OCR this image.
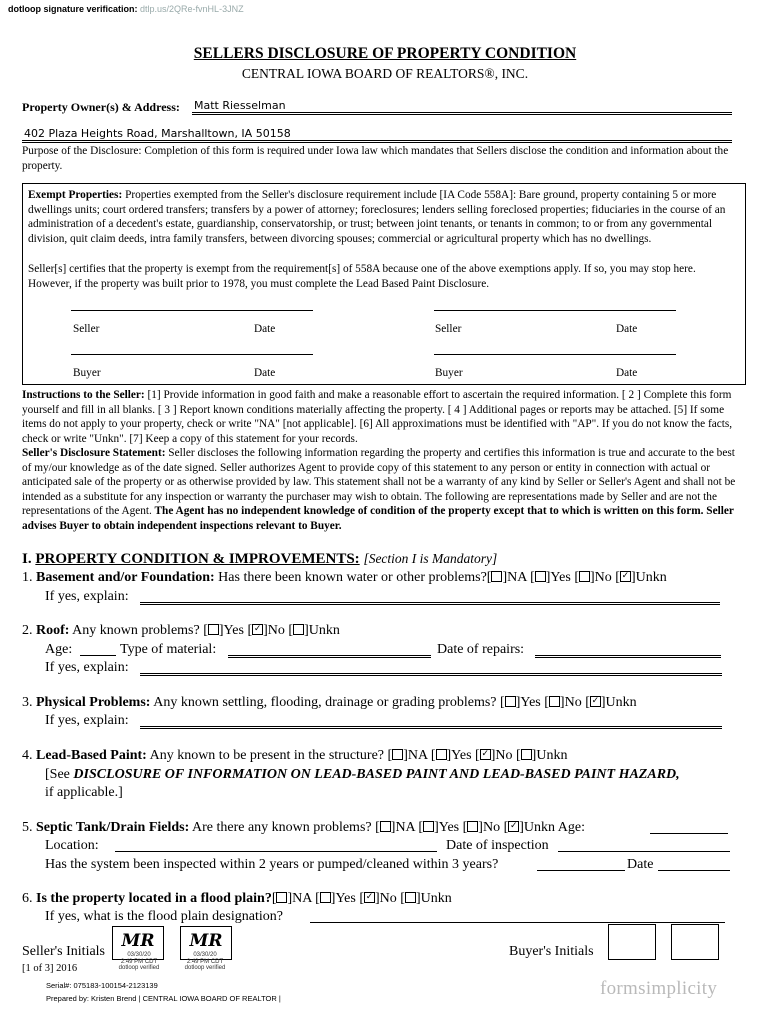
dotloop signature verification: dtlp.us/2QRe-fvnHL-3JNZ
SELLERS DISCLOSURE OF PROPERTY CONDITION
CENTRAL IOWA BOARD OF REALTORS®, INC.
Property Owner(s) & Address: Matt Riesselman
402 Plaza Heights Road, Marshalltown, IA 50158
Purpose of the Disclosure: Completion of this form is required under Iowa law which mandates that Sellers disclose the condition and information about the property.
Exempt Properties: Properties exempted from the Seller's disclosure requirement include [IA Code 558A]: Bare ground, property containing 5 or more dwellings units; court ordered transfers; transfers by a power of attorney; foreclosures; lenders selling foreclosed properties; fiduciaries in the course of an administration of a decedent's estate, guardianship, conservatorship, or trust; between joint tenants, or tenants in common; to or from any governmental division, quit claim deeds, intra family transfers, between divorcing spouses; commercial or agricultural property which has no dwellings.
Seller[s] certifies that the property is exempt from the requirement[s] of 558A because one of the above exemptions apply. If so, you may stop here. However, if the property was built prior to 1978, you must complete the Lead Based Paint Disclosure.
Seller	Date	Seller	Date
Buyer	Date	Buyer	Date
Instructions to the Seller: [1] Provide information in good faith and make a reasonable effort to ascertain the required information. [ 2 ] Complete this form yourself and fill in all blanks. [ 3 ] Report known conditions materially affecting the property. [ 4 ] Additional pages or reports may be attached. [5] If some items do not apply to your property, check or write "NA" [not applicable]. [6] All approximations must be identified with "AP". If you do not know the facts, check or write "Unkn". [7] Keep a copy of this statement for your records.
Seller's Disclosure Statement: Seller discloses the following information regarding the property and certifies this information is true and accurate to the best of my/our knowledge as of the date signed. Seller authorizes Agent to provide copy of this statement to any person or entity in connection with actual or anticipated sale of the property or as otherwise provided by law. This statement shall not be a warranty of any kind by Seller or Seller's Agent and shall not be intended as a substitute for any inspection or warranty the purchaser may wish to obtain. The following are representations made by Seller and are not the representations of the Agent. The Agent has no independent knowledge of condition of the property except that to which is written on this form. Seller advises Buyer to obtain independent inspections relevant to Buyer.
I. PROPERTY CONDITION & IMPROVEMENTS: [Section I is Mandatory]
1. Basement and/or Foundation: Has there been known water or other problems?[ ]NA [ ]Yes [ ]No [ ✓ ]Unkn
If yes, explain:
2. Roof: Any known problems? [ ]Yes [ ✓ ]No [ ]Unkn
Age:	Type of material:	Date of repairs:
If yes, explain:
3. Physical Problems: Any known settling, flooding, drainage or grading problems? [ ]Yes [ ]No [ ✓ ]Unkn
If yes, explain:
4. Lead-Based Paint: Any known to be present in the structure? [ ]NA [ ]Yes [ ✓ ]No [ ]Unkn
[See DISCLOSURE OF INFORMATION ON LEAD-BASED PAINT AND LEAD-BASED PAINT HAZARD,
if applicable.]
5. Septic Tank/Drain Fields: Are there any known problems? [ ]NA [ ]Yes [ ]No [ ✓ ]Unkn Age:
Location:	Date of inspection
Has the system been inspected within 2 years or pumped/cleaned within 3 years?	Date
6. Is the property located in a flood plain?[ ]NA [ ]Yes [ ✓ ]No [ ]Unkn
If yes, what is the flood plain designation?
Seller's Initials
MR	MR
03/30/20
2:49 PM CDT
dotloop verified
03/30/20
2:49 PM CDT
dotloop verified
Buyer's Initials
[1 of 3] 2016
Serial#: 075183-100154-2123139
Prepared by: Kristen Brend | CENTRAL IOWA BOARD OF REALTOR |	formsimplicity
